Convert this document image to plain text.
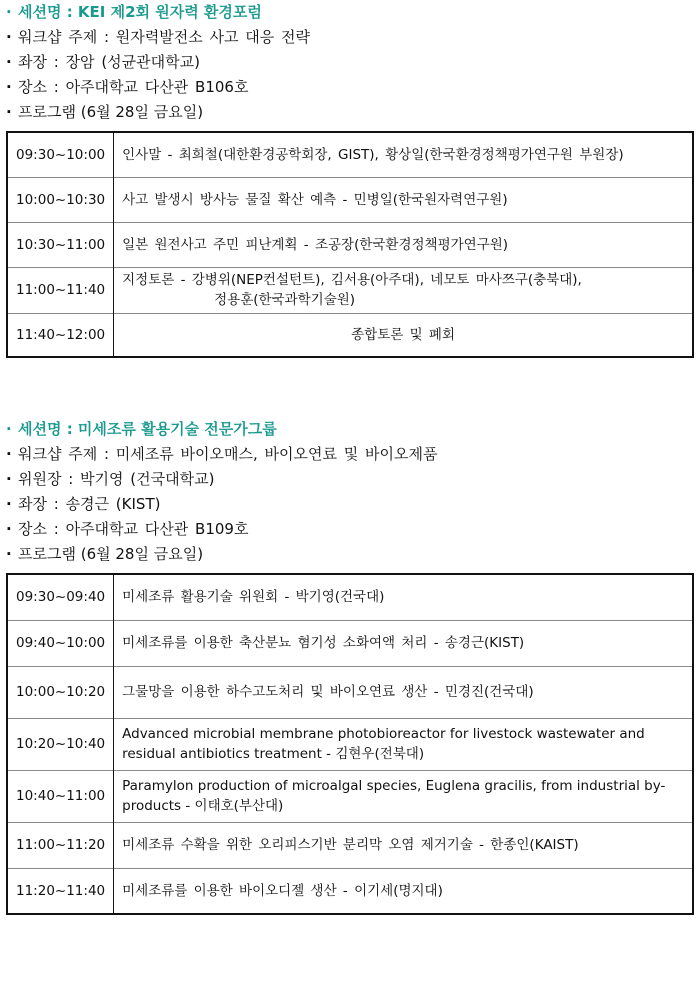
· 세션명 : KEI 제2회 원자력 환경포럼
· 워크샵 주제 : 원자력발전소 사고 대응 전략
· 좌장 : 장암 (성균관대학교)
· 장소 : 아주대학교 다산관 B106호
· 프로그램 (6월 28일 금요일)
09:30~10:00	인사말 - 최희철(대한환경공학회장, GIST), 황상일(한국환경정책평가연구원 부원장)
10:00~10:30	사고 발생시 방사능 물질 확산 예측 - 민병일(한국원자력연구원)
10:30~11:00	일본 원전사고 주민 피난계획 - 조공장(한국환경정책평가연구원)
11:00~11:40	지정토론 - 강병위(NEP컨설턴트), 김서용(아주대), 네모토 마사쯔구(충북대),
정용훈(한국과학기술원)

11:40~12:00	종합토론 및 폐회
· 세션명 : 미세조류 활용기술 전문가그룹
· 워크샵 주제 : 미세조류 바이오매스, 바이오연료 및 바이오제품
· 위원장 : 박기영 (건국대학교)
· 좌장 : 송경근 (KIST)
· 장소 : 아주대학교 다산관 B109호
· 프로그램 (6월 28일 금요일)
09:30~09:40	미세조류 활용기술 위원회 - 박기영(건국대)
09:40~10:00	미세조류를 이용한 축산분뇨 혐기성 소화여액 처리 - 송경근(KIST)
10:00~10:20	그물망을 이용한 하수고도처리 및 바이오연료 생산 - 민경진(건국대)
10:20~10:40	Advanced microbial membrane photobioreactor for livestock wastewater and residual antibiotics treatment - 김현우(전북대)
10:40~11:00	Paramylon production of microalgal species, Euglena gracilis, from industrial by-products - 이태호(부산대)
11:00~11:20	미세조류 수확을 위한 오리피스기반 분리막 오염 제거기술 - 한종인(KAIST)
11:20~11:40	미세조류를 이용한 바이오디젤 생산 - 이기세(명지대)
